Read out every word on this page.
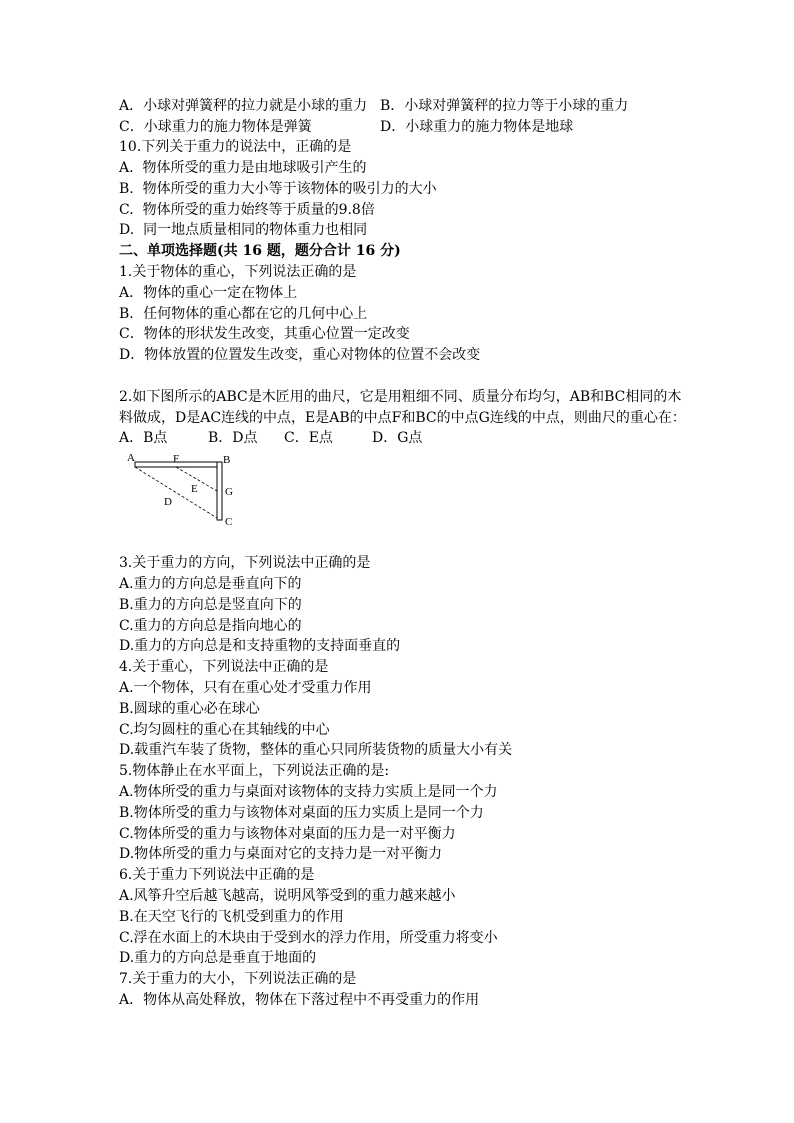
A．小球对弹簧秤的拉力就是小球的重力 B．小球对弹簧秤的拉力等于小球的重力
C．小球重力的施力物体是弹簧	D．小球重力的施力物体是地球
10.下列关于重力的说法中，正确的是
A.  物体所受的重力是由地球吸引产生的
B.  物体所受的重力大小等于该物体的吸引力的大小
C.  物体所受的重力始终等于质量的9.8倍
D.  同一地点质量相同的物体重力也相同
二、单项选择题(共 16 题，题分合计 16 分)
1.关于物体的重心，下列说法正确的是
A．物体的重心一定在物体上
B．任何物体的重心都在它的几何中心上
C．物体的形状发生改变，其重心位置一定改变
D．物体放置的位置发生改变，重心对物体的位置不会改变
2.如下图所示的ABC是木匠用的曲尺，它是用粗细不同、质量分布均匀，AB和BC相同的木
料做成，D是AC连线的中点，E是AB的中点F和BC的中点G连线的中点，则曲尺的重心在：
A．B点	B．D点 C．E点	D．G点
A	F	B
E G
D
C
3.关于重力的方向，下列说法中正确的是
A.重力的方向总是垂直向下的
B.重力的方向总是竖直向下的
C.重力的方向总是指向地心的
D.重力的方向总是和支持重物的支持面垂直的
4.关于重心，下列说法中正确的是
A.一个物体，只有在重心处才受重力作用
B.圆球的重心必在球心
C.均匀圆柱的重心在其轴线的中心
D.载重汽车装了货物，整体的重心只同所装货物的质量大小有关
5.物体静止在水平面上，下列说法正确的是:
A.物体所受的重力与桌面对该物体的支持力实质上是同一个力
B.物体所受的重力与该物体对桌面的压力实质上是同一个力
C.物体所受的重力与该物体对桌面的压力是一对平衡力
D.物体所受的重力与桌面对它的支持力是一对平衡力
6.关于重力下列说法中正确的是
A.风筝升空后越飞越高，说明风筝受到的重力越来越小
B.在天空飞行的飞机受到重力的作用
C.浮在水面上的木块由于受到水的浮力作用，所受重力将变小
D.重力的方向总是垂直于地面的
7.关于重力的大小，下列说法正确的是
A．物体从高处释放，物体在下落过程中不再受重力的作用
